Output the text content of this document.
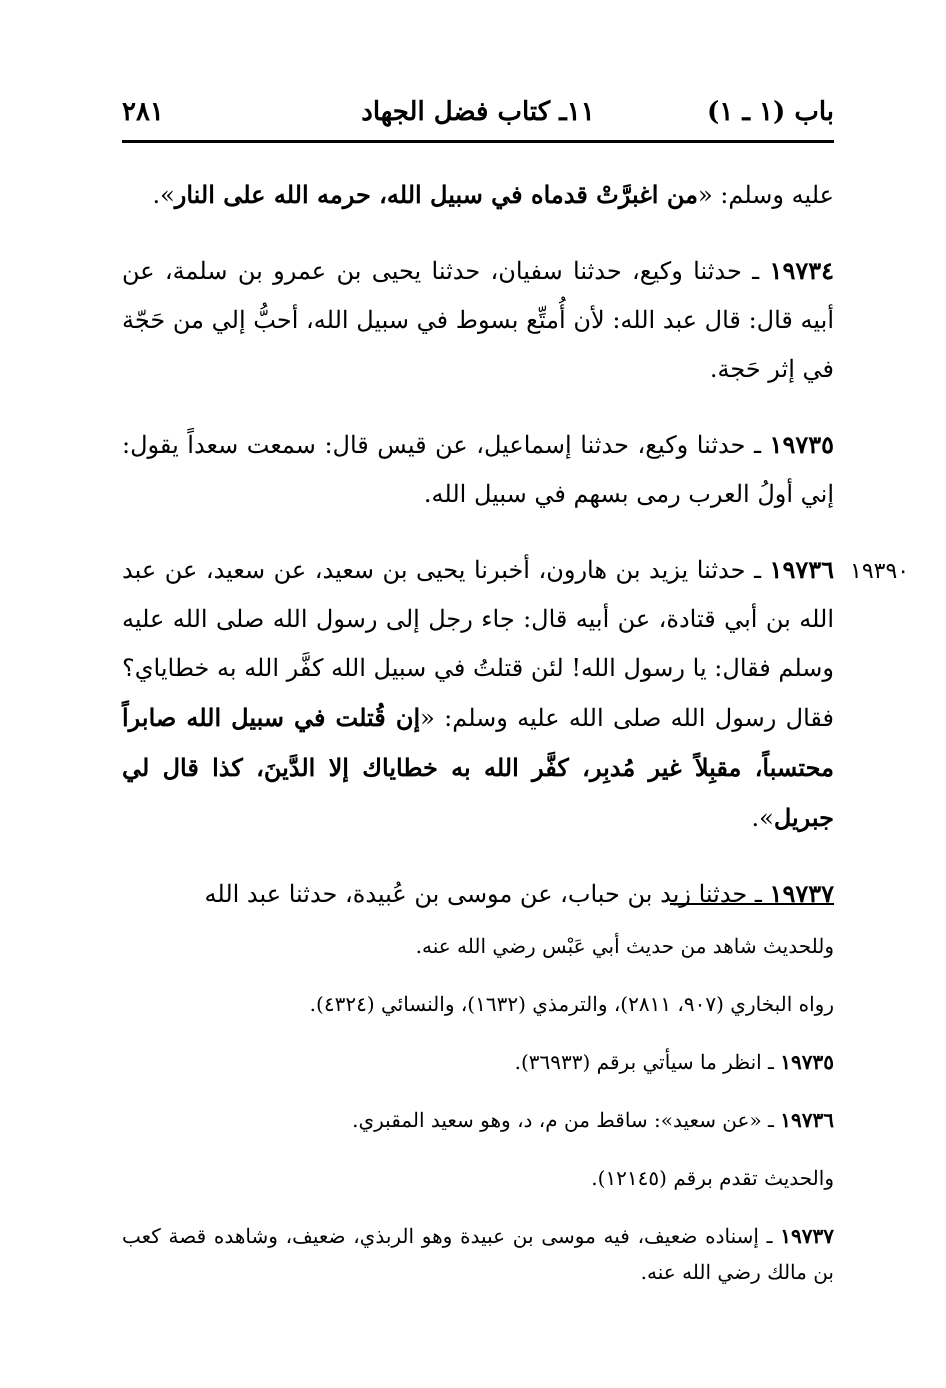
باب (١ ـ ١)
١١ـ كتاب فضل الجهاد
٢٨١
١٩٣٩٠

عليه وسلم: «من اغبرَّتْ قدماه في سبيل الله، حرمه الله على النار».

١٩٧٣٤ ـ حدثنا وكيع، حدثنا سفيان، حدثنا يحيى بن عمرو بن سلمة، عن أبيه قال: قال عبد الله: لأن أُمتِّع بسوط في سبيل الله، أحبُّ إلي من حَجّة في إثر حَجة.

١٩٧٣٥ ـ حدثنا وكيع، حدثنا إسماعيل، عن قيس قال: سمعت سعداً يقول: إني أولُ العرب رمى بسهم في سبيل الله.

١٩٧٣٦ ـ حدثنا يزيد بن هارون، أخبرنا يحيى بن سعيد، عن سعيد، عن عبد الله بن أبي قتادة، عن أبيه قال: جاء رجل إلى رسول الله صلى الله عليه وسلم فقال: يا رسول الله! لئن قتلتُ في سبيل الله كفَّر الله به خطاياي؟ فقال رسول الله صلى الله عليه وسلم: «إن قُتلت في سبيل الله صابراً محتسباً، مقبِلاً غير مُدبِر، كفَّر الله به خطاياك إلا الدَّينَ، كذا قال لي جبريل».

١٩٧٣٧ ـ حدثنا زيد بن حباب، عن موسى بن عُبيدة، حدثنا عبد الله

وللحديث شاهد من حديث أبي عَبْس رضي الله عنه.

رواه البخاري (٩٠٧، ٢٨١١)، والترمذي (١٦٣٢)، والنسائي (٤٣٢٤).

١٩٧٣٥ ـ انظر ما سيأتي برقم (٣٦٩٣٣).

١٩٧٣٦ ـ «عن سعيد»: ساقط من م، د، وهو سعيد المقبري.

والحديث تقدم برقم (١٢١٤٥).

١٩٧٣٧ ـ إسناده ضعيف، فيه موسى بن عبيدة وهو الربذي، ضعيف، وشاهده قصة كعب بن مالك رضي الله عنه.
